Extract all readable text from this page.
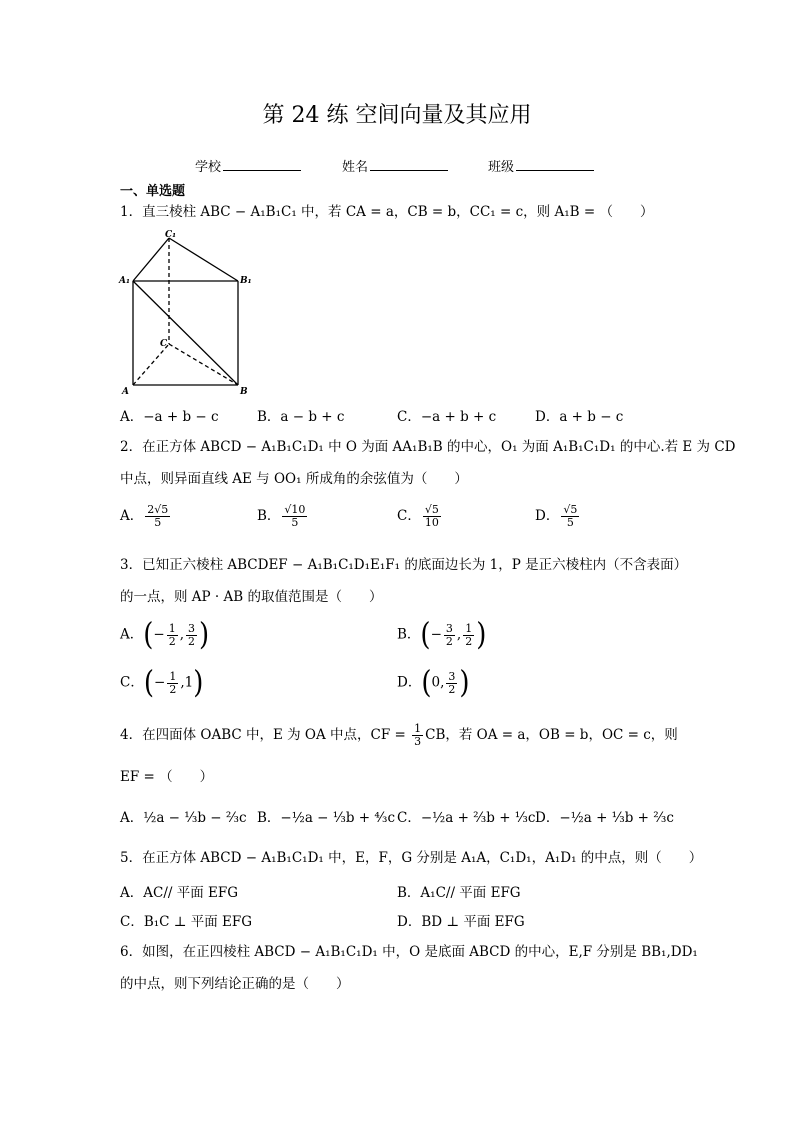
第 24 练 空间向量及其应用
学校	姓名	班级
一、单选题
1．直三棱柱 ABC − A₁B₁C₁ 中，若 CA = a，CB = b，CC₁ = c，则 A₁B = （　　）
C₁
A₁	B₁
C
A	B
A．−a + b − c	B．a − b + c	C．−a + b + c	D．a + b − c
2．在正方体 ABCD − A₁B₁C₁D₁ 中 O 为面 AA₁B₁B 的中心，O₁ 为面 A₁B₁C₁D₁ 的中心.若 E 为 CD
中点，则异面直线 AE 与 OO₁ 所成角的余弦值为（　　）
A． $\frac{2√5}{5}$	B． $\frac{√10}{5}$	C． $\frac{√5}{10}$	D． $\frac{√5}{5}$
3．已知正六棱柱 ABCDEF − A₁B₁C₁D₁E₁F₁ 的底面边长为 1，P 是正六棱柱内（不含表面）
的一点，则 AP · AB 的取值范围是（　　）
A．(− $\frac{1}{2}$ , $\frac{3}{2}$ )	B．(− $\frac{3}{2}$ , $\frac{1}{2}$ )
C．(− $\frac{1}{2} ,1$)	D．(0, $\frac{3}{2}$ )
4．在四面体 OABC 中，E 为 OA 中点，CF = $\frac{1}{3}$ CB，若 OA = a，OB = b，OC = c，则
EF = （　　）
A．½a − ⅓b − ⅔c B．−½a − ⅓b + ⁴⁄₃c C．−½a + ⅔b + ⅓c D．−½a + ⅓b + ⅔c
5．在正方体 ABCD − A₁B₁C₁D₁ 中，E，F，G 分别是 A₁A，C₁D₁，A₁D₁ 的中点，则（　　）
A．AC// 平面 EFG	B．A₁C// 平面 EFG
C．B₁C ⊥ 平面 EFG	D．BD ⊥ 平面 EFG
6．如图，在正四棱柱 ABCD − A₁B₁C₁D₁ 中，O 是底面 ABCD 的中心，E,F 分别是 BB₁,DD₁
的中点，则下列结论正确的是（　　）
